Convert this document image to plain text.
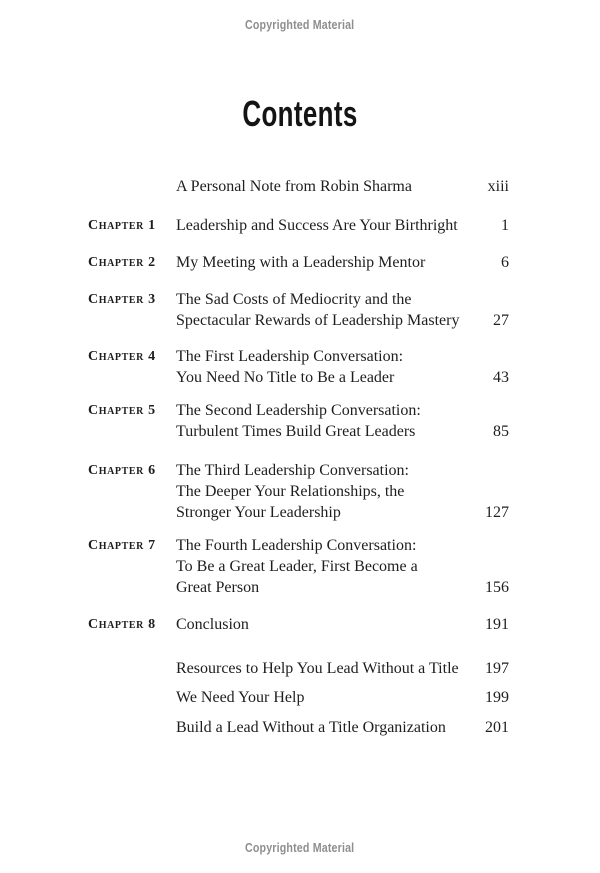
Copyrighted Material
Contents
A Personal Note from Robin Sharma	xiii
Chapter 1	Leadership and Success Are Your Birthright	1
Chapter 2	My Meeting with a Leadership Mentor	6
Chapter 3	The Sad Costs of Mediocrity and the
Spectacular Rewards of Leadership Mastery	27
Chapter 4	The First Leadership Conversation:
You Need No Title to Be a Leader	43
Chapter 5	The Second Leadership Conversation:
Turbulent Times Build Great Leaders	85
Chapter 6	The Third Leadership Conversation:
The Deeper Your Relationships, the
Stronger Your Leadership	127
Chapter 7	The Fourth Leadership Conversation:
To Be a Great Leader, First Become a
Great Person	156
Chapter 8	Conclusion	191
Resources to Help You Lead Without a Title	197
We Need Your Help	199
Build a Lead Without a Title Organization	201
Copyrighted Material
